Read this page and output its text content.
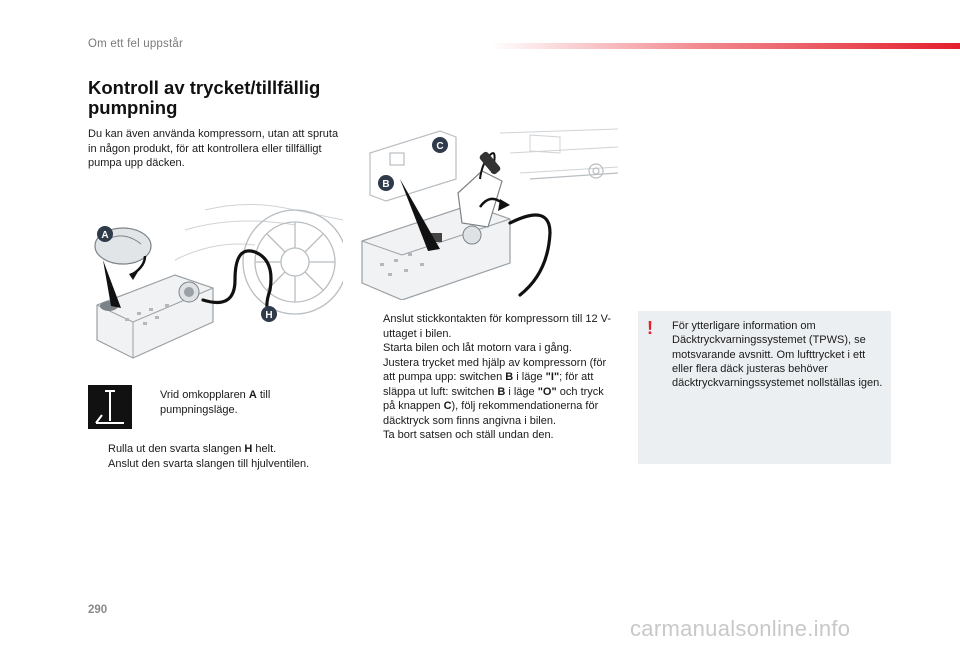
Om ett fel uppstår
Kontroll av trycket/tillfällig
pumpning
Du kan även använda kompressorn, utan att spruta in någon produkt, för att kontrollera eller tillfälligt pumpa upp däcken.
A
H
B
C
Vrid omkopplaren A till pumpningsläge.
Rulla ut den svarta slangen H helt.
Anslut den svarta slangen till hjulventilen.
Anslut stickkontakten för kompressorn till 12 V-uttaget i bilen.
Starta bilen och låt motorn vara i gång.
Justera trycket med hjälp av kompressorn (för att pumpa upp: switchen B i läge "I"; för att släppa ut luft: switchen B i läge "O" och tryck på knappen C), följ rekommendationerna för däcktryck som finns angivna i bilen.
Ta bort satsen och ställ undan den.
! För ytterligare information om Däcktryckvarningssystemet (TPWS), se motsvarande avsnitt. Om lufttrycket i ett eller flera däck justeras behöver däcktryckvarningssystemet nollställas igen.
290
carmanualsonline.info
